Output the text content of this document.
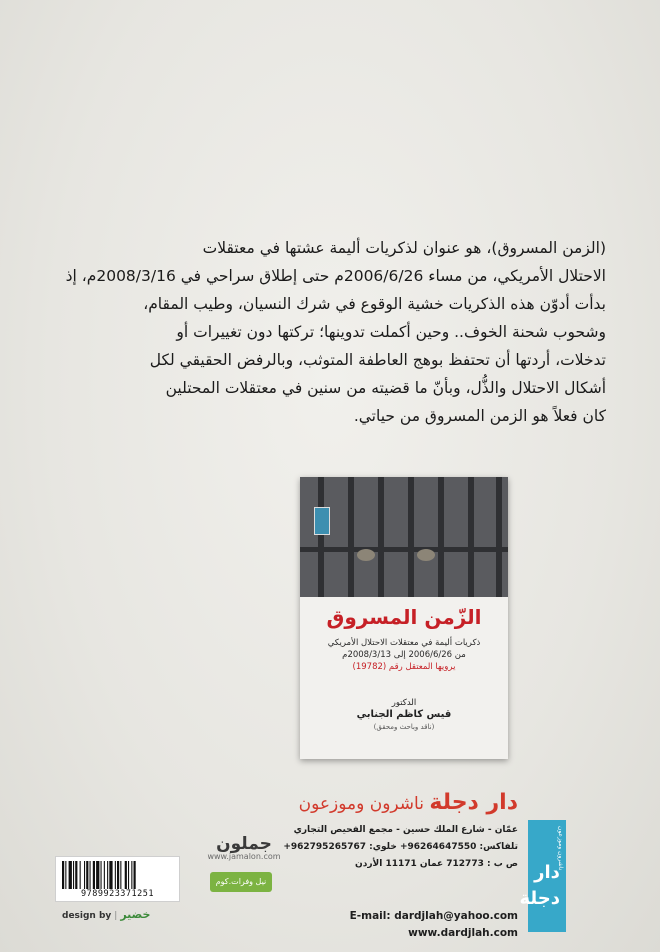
(الزمن المسروق)، هو عنوان لذكريات أليمة عشتها في معتقلات

الاحتلال الأمريكي، من مساء 2006/6/26م حتى إطلاق سراحي في 2008/3/16م، إذ

بدأت أدوّن هذه الذكريات خشية الوقوع في شرك النسيان، وطيب المقام،

وشحوب شحنة الخوف.. وحين أكملت تدوينها؛ تركتها دون تغييرات أو

تدخلات، أردتها أن تحتفظ بوهج العاطفة المتوثب، وبالرفض الحقيقي لكل

أشكال الاحتلال والذُّل، وبأنّ ما قضيته من سنين في معتقلات المحتلين

كان فعلاً هو الزمن المسروق من حياتي.

الزّمن المسروق
ذكريات أليمة في معتقلات الاحتلال الأمريكي
من 2006/6/26 إلى 2008/3/13م
يرويها المعتقل رقم (19782)
الدكتور
قيس كاظم الجنابي
(ناقد وباحث ومحقق)
دار دجلة ناشرون وموزعون
عمّان - شارع الملك حسين - مجمع الفحيص التجاري
تلفاكس: 96264647550+ خلوي: 962795265767+
ص ب : 712773 عمان 11171 الأردن
E-mail: dardjlah@yahoo.com
www.dardjlah.com
دار دجلة
ناشرون وموزعون
جملون
www.jamalon.com
نيل وفرات.كوم
9789923371251
design by | خضير
